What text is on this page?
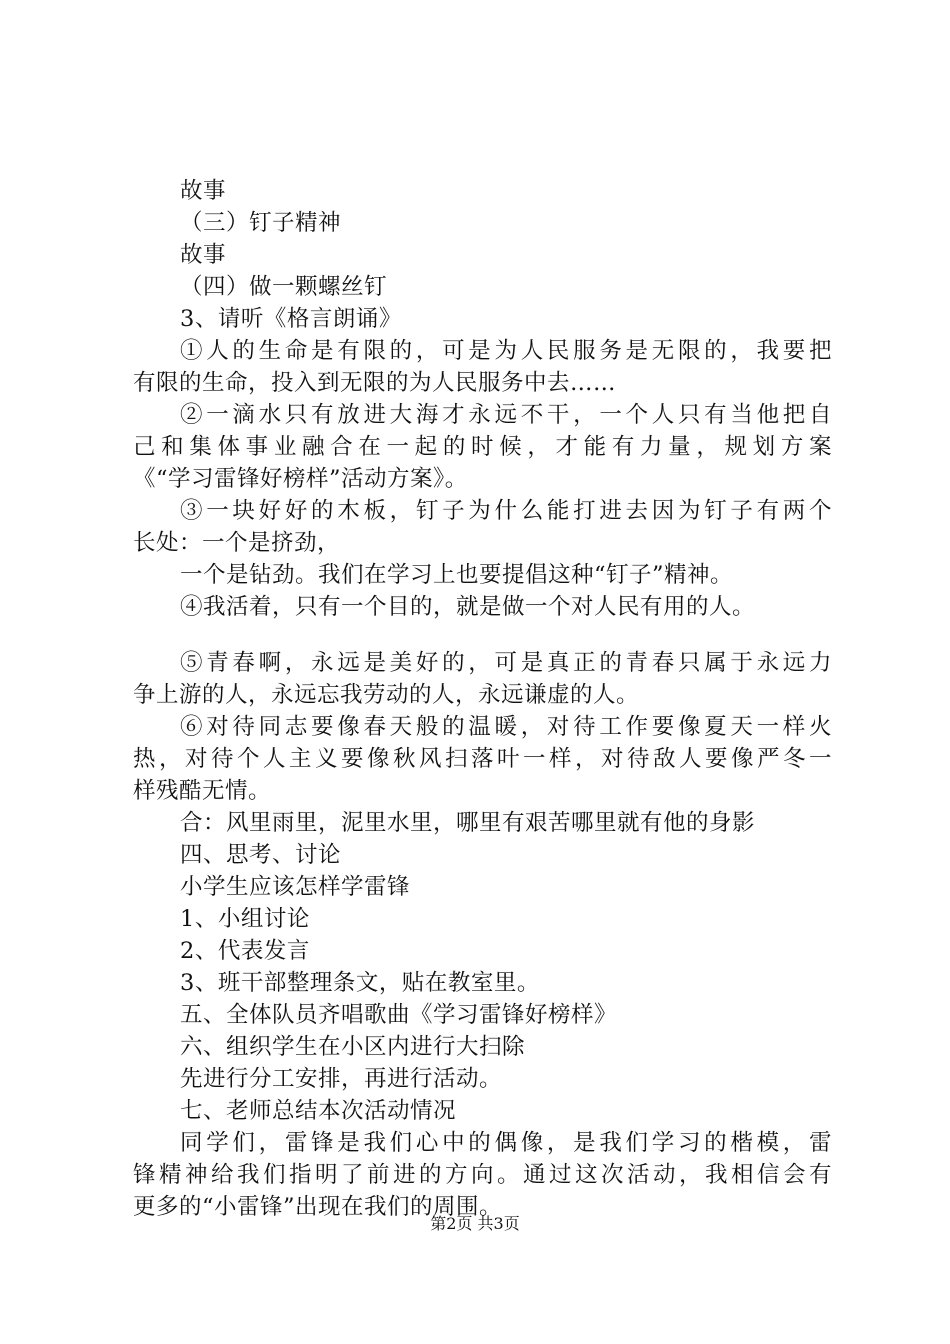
故事
（三）钉子精神
故事
（四）做一颗螺丝钉
3、请听《格言朗诵》
①人的生命是有限的，可是为人民服务是无限的，我要把
有限的生命，投入到无限的为人民服务中去……
②一滴水只有放进大海才永远不干，一个人只有当他把自
己和集体事业融合在一起的时候，才能有力量，规划方案
《“学习雷锋好榜样”活动方案》。
③一块好好的木板，钉子为什么能打进去因为钉子有两个
长处：一个是挤劲，
一个是钻劲。我们在学习上也要提倡这种“钉子”精神。
④我活着，只有一个目的，就是做一个对人民有用的人。
⑤青春啊，永远是美好的，可是真正的青春只属于永远力
争上游的人，永远忘我劳动的人，永远谦虚的人。
⑥对待同志要像春天般的温暖，对待工作要像夏天一样火
热，对待个人主义要像秋风扫落叶一样，对待敌人要像严冬一
样残酷无情。
合：风里雨里，泥里水里，哪里有艰苦哪里就有他的身影
四、思考、讨论
小学生应该怎样学雷锋
1、小组讨论
2、代表发言
3、班干部整理条文，贴在教室里。
五、全体队员齐唱歌曲《学习雷锋好榜样》
六、组织学生在小区内进行大扫除
先进行分工安排，再进行活动。
七、老师总结本次活动情况
同学们，雷锋是我们心中的偶像，是我们学习的楷模，雷
锋精神给我们指明了前进的方向。通过这次活动，我相信会有
更多的“小雷锋”出现在我们的周围。
第2页 共3页
